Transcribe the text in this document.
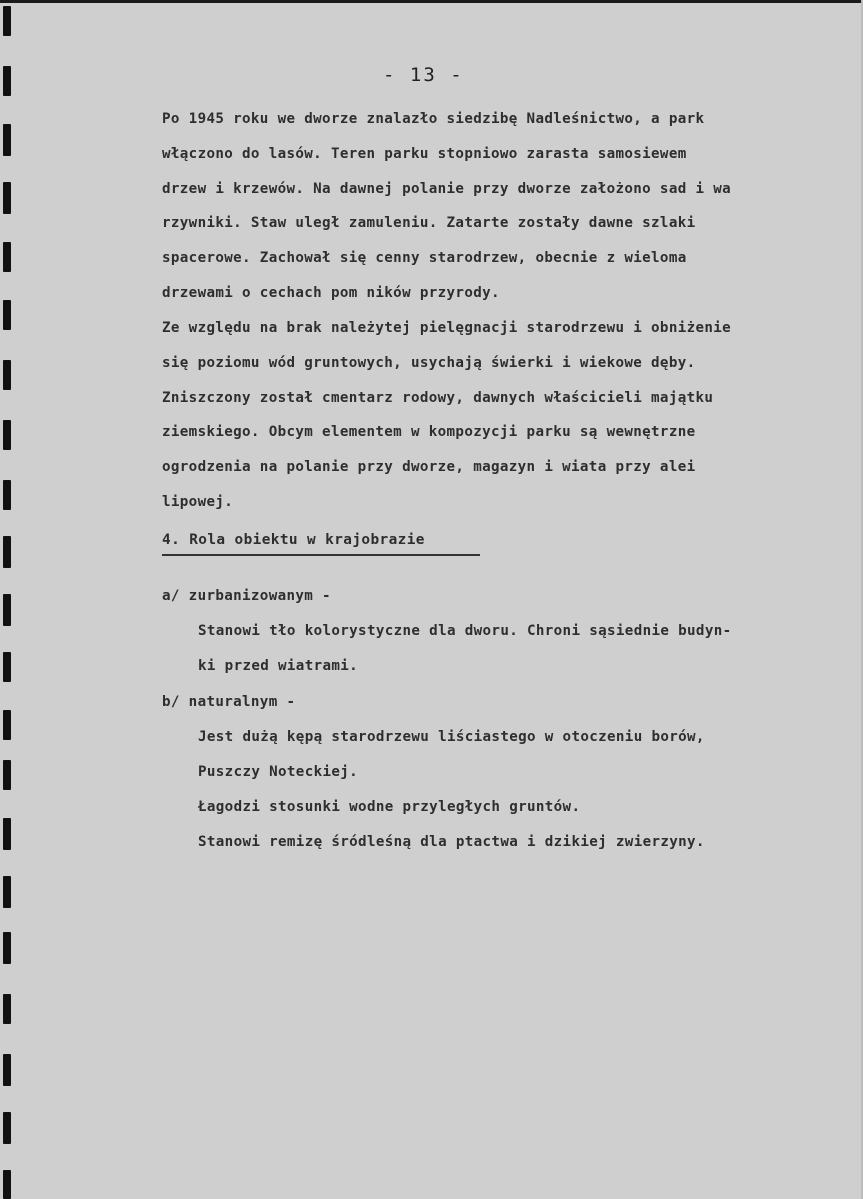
- 13 -
Po 1945 roku we dworze znalazło siedzibę Nadleśnictwo, a park
włączono do lasów. Teren parku stopniowo zarasta samosiewem
drzew i krzewów. Na dawnej polanie przy dworze założono sad i wa
rzywniki. Staw uległ zamuleniu. Zatarte zostały dawne szlaki
spacerowe. Zachował się cenny starodrzew, obecnie z wieloma
drzewami o cechach pom ników przyrody.
Ze względu na brak należytej pielęgnacji starodrzewu i obniżenie
się poziomu wód gruntowych, usychają świerki i wiekowe dęby.
Zniszczony został cmentarz rodowy, dawnych właścicieli majątku
ziemskiego. Obcym elementem w kompozycji parku są wewnętrzne
ogrodzenia na polanie przy dworze, magazyn i wiata przy alei
lipowej.
4. Rola obiektu w krajobrazie
a/ zurbanizowanym -
Stanowi tło kolorystyczne dla dworu. Chroni sąsiednie budyn-
ki przed wiatrami.
b/ naturalnym -
Jest dużą kępą starodrzewu liściastego w otoczeniu borów,
Puszczy Noteckiej.
Łagodzi stosunki wodne przyległych gruntów.
Stanowi remizę śródleśną dla ptactwa i dzikiej zwierzyny.
